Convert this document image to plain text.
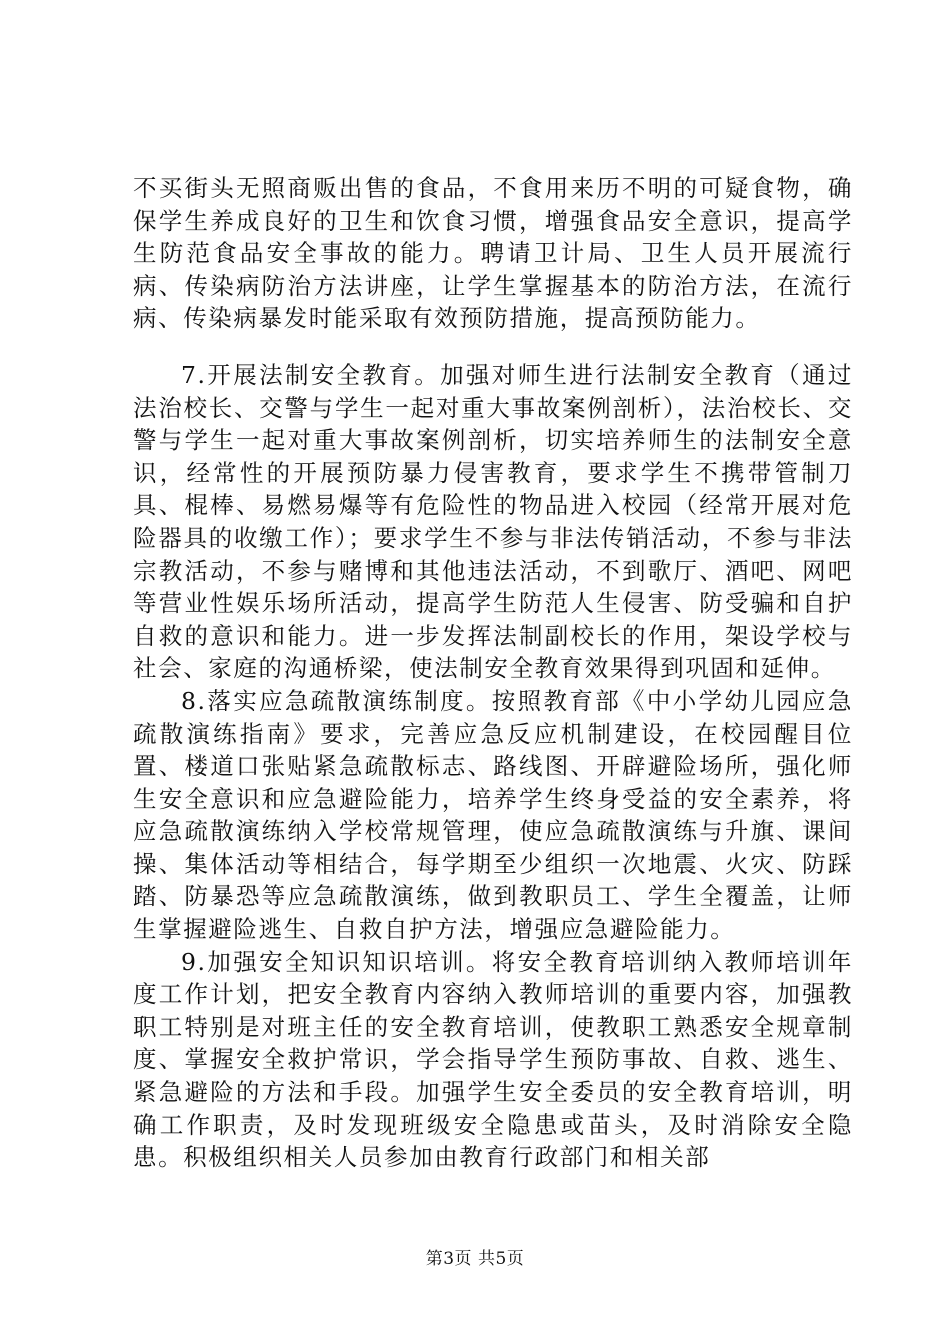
不买街头无照商贩出售的食品，不食用来历不明的可疑食物，确保学生养成良好的卫生和饮食习惯，增强食品安全意识，提高学生防范食品安全事故的能力。聘请卫计局、卫生人员开展流行病、传染病防治方法讲座，让学生掌握基本的防治方法，在流行病、传染病暴发时能采取有效预防措施，提高预防能力。

7.开展法制安全教育。加强对师生进行法制安全教育（通过法治校长、交警与学生一起对重大事故案例剖析），法治校长、交警与学生一起对重大事故案例剖析，切实培养师生的法制安全意识，经常性的开展预防暴力侵害教育，要求学生不携带管制刀具、棍棒、易燃易爆等有危险性的物品进入校园（经常开展对危险器具的收缴工作）；要求学生不参与非法传销活动，不参与非法宗教活动，不参与赌博和其他违法活动，不到歌厅、酒吧、网吧等营业性娱乐场所活动，提高学生防范人生侵害、防受骗和自护自救的意识和能力。进一步发挥法制副校长的作用，架设学校与社会、家庭的沟通桥梁，使法制安全教育效果得到巩固和延伸。

8.落实应急疏散演练制度。按照教育部《中小学幼儿园应急疏散演练指南》要求，完善应急反应机制建设，在校园醒目位置、楼道口张贴紧急疏散标志、路线图、开辟避险场所，强化师生安全意识和应急避险能力，培养学生终身受益的安全素养，将应急疏散演练纳入学校常规管理，使应急疏散演练与升旗、课间操、集体活动等相结合，每学期至少组织一次地震、火灾、防踩踏、防暴恐等应急疏散演练，做到教职员工、学生全覆盖，让师生掌握避险逃生、自救自护方法，增强应急避险能力。

9.加强安全知识知识培训。将安全教育培训纳入教师培训年度工作计划，把安全教育内容纳入教师培训的重要内容，加强教职工特别是对班主任的安全教育培训，使教职工熟悉安全规章制度、掌握安全救护常识，学会指导学生预防事故、自救、逃生、紧急避险的方法和手段。加强学生安全委员的安全教育培训，明确工作职责，及时发现班级安全隐患或苗头，及时消除安全隐患。积极组织相关人员参加由教育行政部门和相关部

第3页 共5页
